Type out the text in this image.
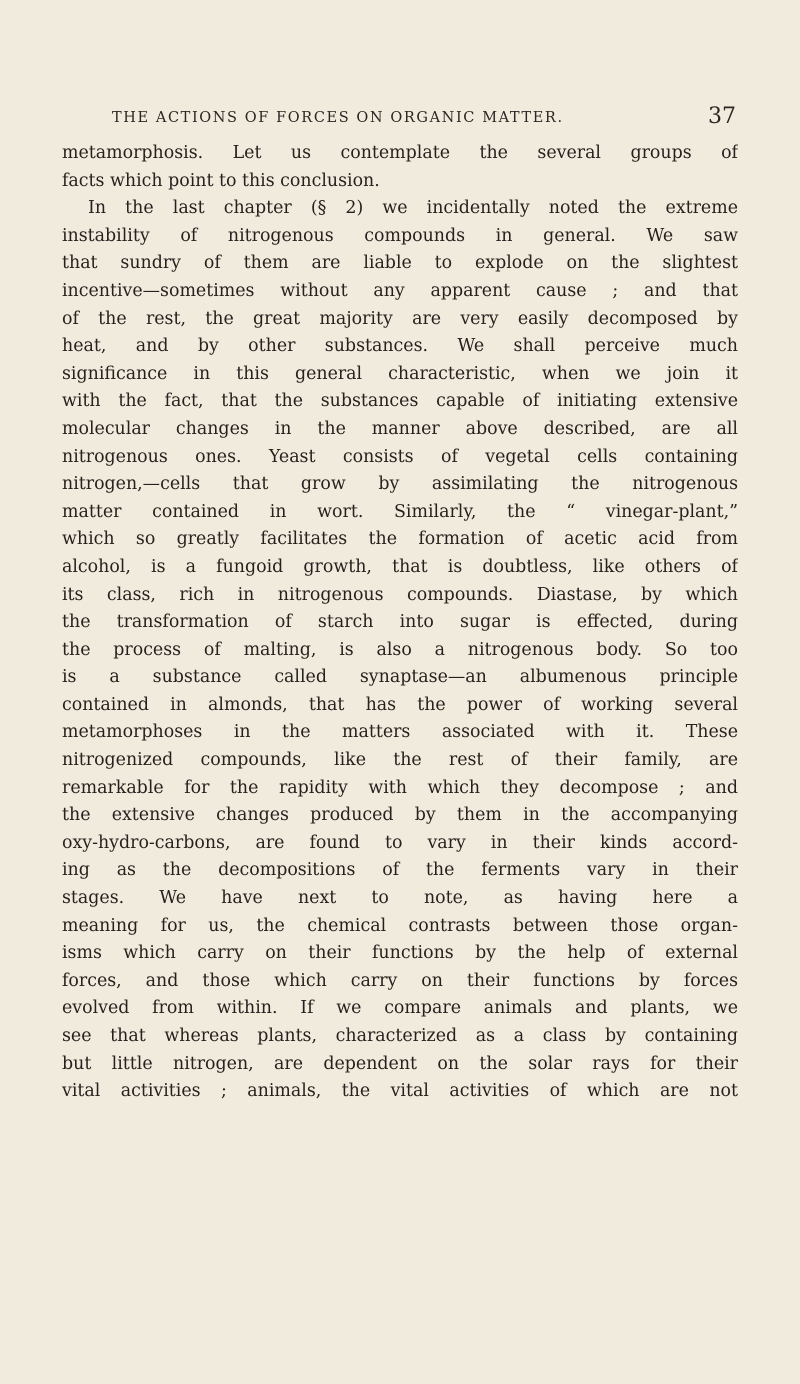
THE ACTIONS OF FORCES ON ORGANIC MATTER.	37
metamorphosis. Let us contemplate the several groups of
facts which point to this conclusion.
In the last chapter (§ 2) we incidentally noted the extreme
instability of nitrogenous compounds in general. We saw
that sundry of them are liable to explode on the slightest
incentive—sometimes without any apparent cause ; and that
of the rest, the great majority are very easily decomposed by
heat, and by other substances. We shall perceive much
significance in this general characteristic, when we join it
with the fact, that the substances capable of initiating extensive
molecular changes in the manner above described, are all
nitrogenous ones. Yeast consists of vegetal cells containing
nitrogen,—cells that grow by assimilating the nitrogenous
matter contained in wort. Similarly, the “ vinegar-plant,”
which so greatly facilitates the formation of acetic acid from
alcohol, is a fungoid growth, that is doubtless, like others of
its class, rich in nitrogenous compounds. Diastase, by which
the transformation of starch into sugar is effected, during
the process of malting, is also a nitrogenous body. So too
is a substance called synaptase—an albumenous principle
contained in almonds, that has the power of working several
metamorphoses in the matters associated with it. These
nitrogenized compounds, like the rest of their family, are
remarkable for the rapidity with which they decompose ; and
the extensive changes produced by them in the accompanying
oxy-hydro-carbons, are found to vary in their kinds accord-
ing as the decompositions of the ferments vary in their
stages. We have next to note, as having here a
meaning for us, the chemical contrasts between those organ-
isms which carry on their functions by the help of external
forces, and those which carry on their functions by forces
evolved from within. If we compare animals and plants, we
see that whereas plants, characterized as a class by containing
but little nitrogen, are dependent on the solar rays for their
vital activities ; animals, the vital activities of which are not
